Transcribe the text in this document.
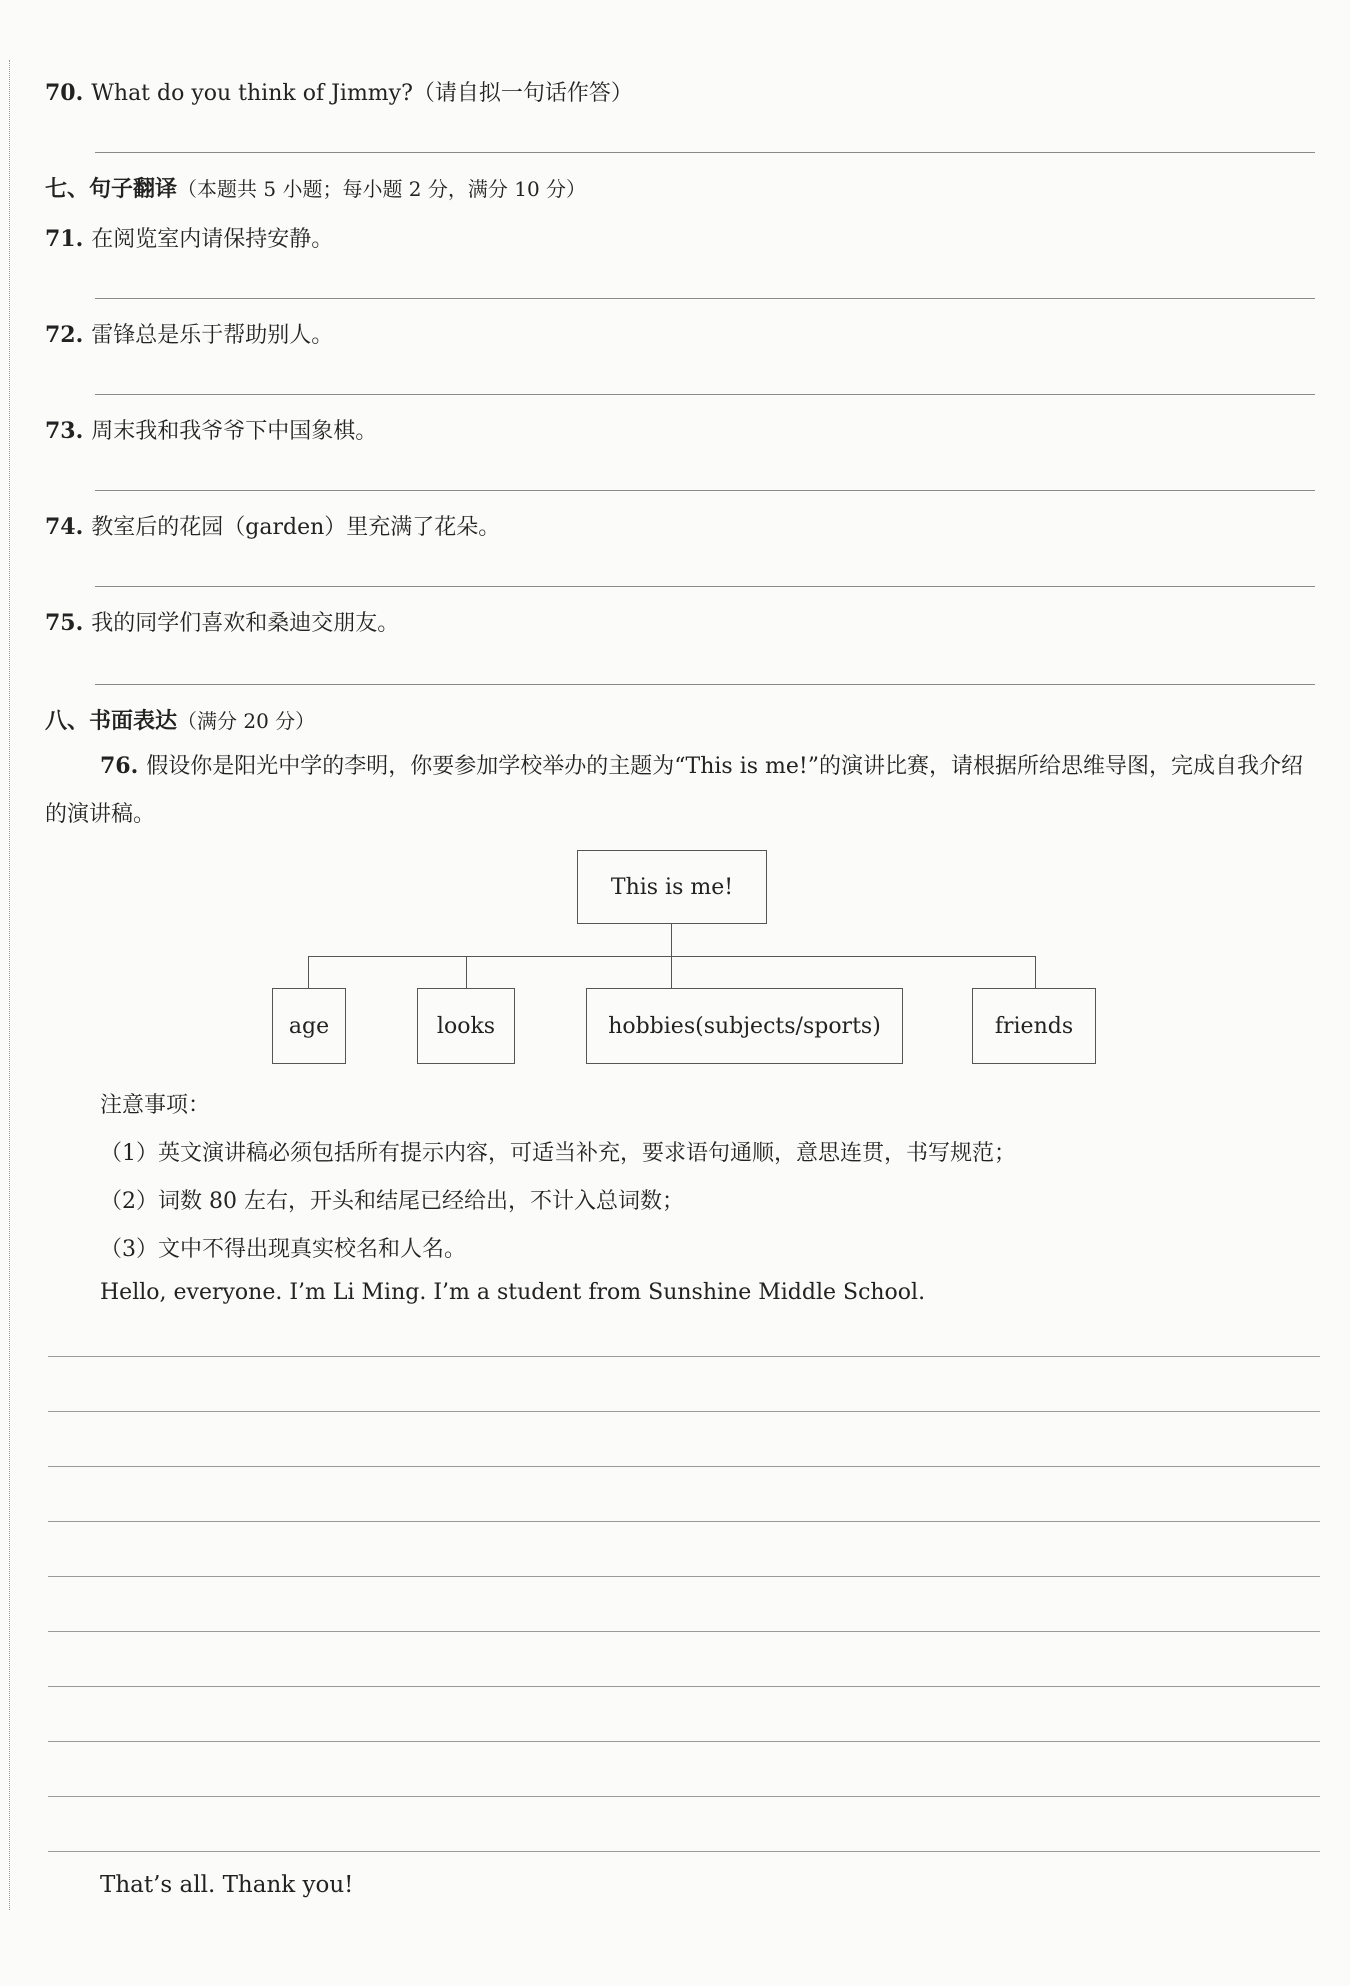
70. What do you think of Jimmy?（请自拟一句话作答）
七、句子翻译（本题共 5 小题；每小题 2 分，满分 10 分）
71. 在阅览室内请保持安静。
72. 雷锋总是乐于帮助别人。
73. 周末我和我爷爷下中国象棋。
74. 教室后的花园（garden）里充满了花朵。
75. 我的同学们喜欢和桑迪交朋友。
八、书面表达（满分 20 分）
76. 假设你是阳光中学的李明，你要参加学校举办的主题为“This is me!”的演讲比赛，请根据所给思维导图，完成自我介绍的演讲稿。
This is me!
age	looks	hobbies(subjects/sports)	friends
注意事项：
（1）英文演讲稿必须包括所有提示内容，可适当补充，要求语句通顺，意思连贯，书写规范；
（2）词数 80 左右，开头和结尾已经给出，不计入总词数；
（3）文中不得出现真实校名和人名。
Hello, everyone. I’m Li Ming. I’m a student from Sunshine Middle School.
That’s all. Thank you!
